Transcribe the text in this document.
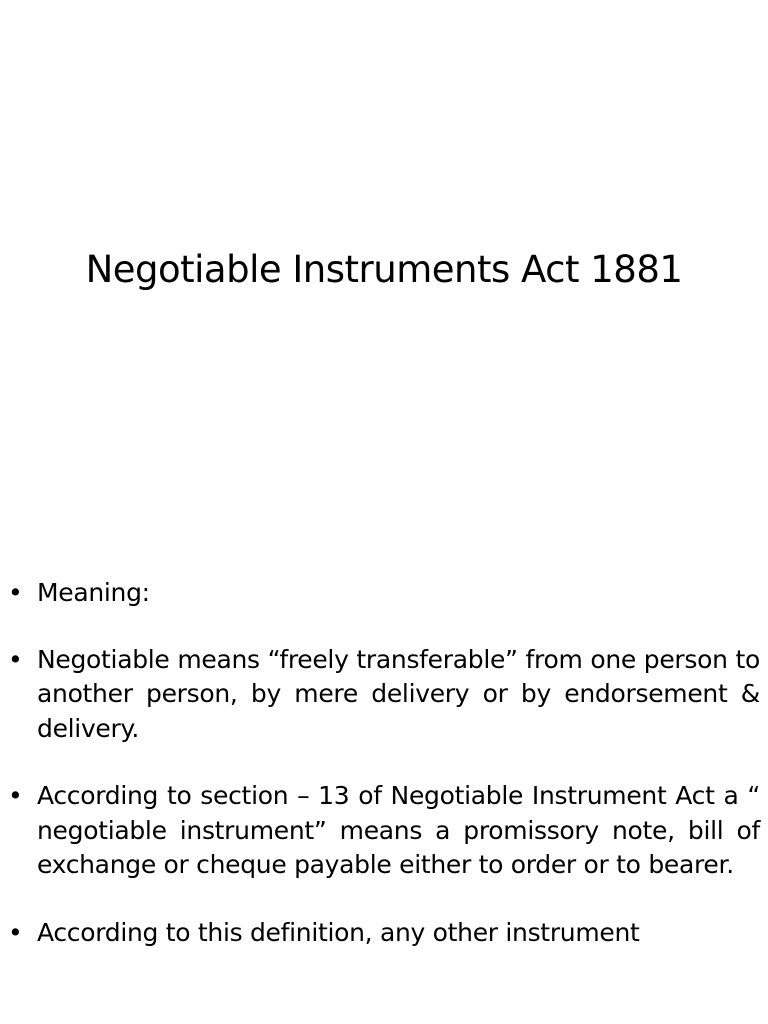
Negotiable Instruments Act 1881
• Meaning:
• Negotiable means “freely transferable” from one person to another person, by mere delivery or by endorsement & delivery.
• According to section – 13 of Negotiable Instrument Act a “ negotiable instrument” means a promissory note, bill of exchange or cheque payable either to order or to bearer.
• According to this definition, any other instrument
